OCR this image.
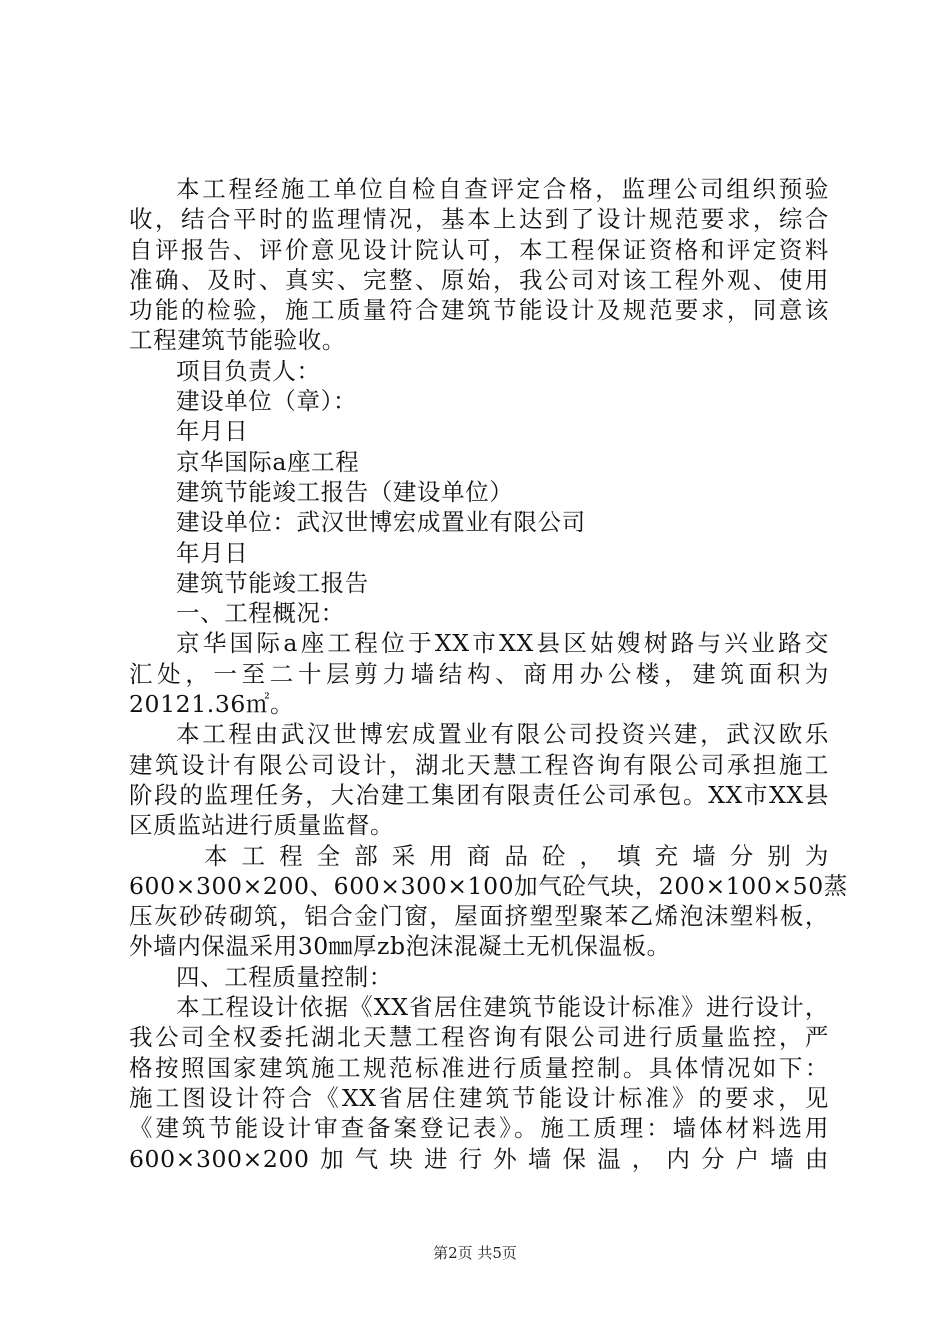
本工程经施工单位自检自查评定合格，监理公司组织预验
收，结合平时的监理情况，基本上达到了设计规范要求，综合
自评报告、评价意见设计院认可，本工程保证资格和评定资料
准确、及时、真实、完整、原始，我公司对该工程外观、使用
功能的检验，施工质量符合建筑节能设计及规范要求，同意该
工程建筑节能验收。
项目负责人：
建设单位（章）：
年月日
京华国际a座工程
建筑节能竣工报告（建设单位）
建设单位：武汉世博宏成置业有限公司
年月日
建筑节能竣工报告
一、工程概况：
京华国际a座工程位于XX市XX县区姑嫂树路与兴业路交
汇处，一至二十层剪力墙结构、商用办公楼，建筑面积为
20121.36㎡。
本工程由武汉世博宏成置业有限公司投资兴建，武汉欧乐
建筑设计有限公司设计，湖北天慧工程咨询有限公司承担施工
阶段的监理任务，大冶建工集团有限责任公司承包。XX市XX县
区质监站进行质量监督。
本工程全部采用商品砼，填充墙分别为
600×300×200、600×300×100加气砼气块，200×100×50蒸
压灰砂砖砌筑，铝合金门窗，屋面挤塑型聚苯乙烯泡沫塑料板，
外墙内保温采用30㎜厚zb泡沫混凝土无机保温板。
四、工程质量控制：
本工程设计依据《XX省居住建筑节能设计标准》进行设计，
我公司全权委托湖北天慧工程咨询有限公司进行质量监控，严
格按照国家建筑施工规范标准进行质量控制。具体情况如下：
施工图设计符合《XX省居住建筑节能设计标准》的要求，见
《建筑节能设计审查备案登记表》。施工质理：墙体材料选用
600×300×200加气块进行外墙保温，内分户墙由
第2页 共5页
